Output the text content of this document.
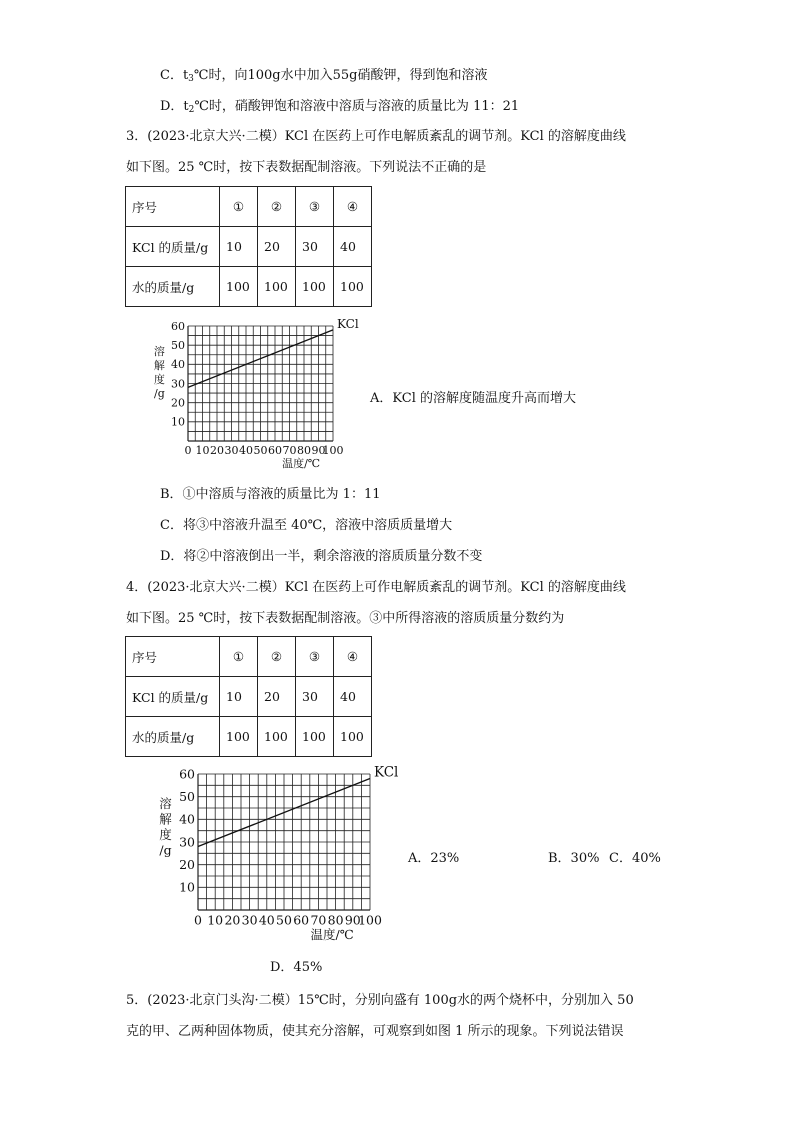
C．$t_3℃$时，向100g水中加入55g硝酸钾，得到饱和溶液
D．$t_2℃$时，硝酸钾饱和溶液中溶质与溶液的质量比为 11：21
3．(2023·北京大兴·二模）KCl 在医药上可作电解质紊乱的调节剂。KCl 的溶解度曲线
如下图。25 ℃时，按下表数据配制溶液。下列说法不正确的是
序号	①	②	③	④
KCl 的质量/g	10	20	30	40
水的质量/g	100	100	100	100
10
20
30
40
50
60
0 10 20 30 40 50 60 70 80 90
100
温度/℃
溶
解
度
/g
KCl
A．KCl 的溶解度随温度升高而增大
B．①中溶质与溶液的质量比为 1：11
C．将③中溶液升温至 40℃，溶液中溶质质量增大
D．将②中溶液倒出一半，剩余溶液的溶质质量分数不变
4．(2023·北京大兴·二模）KCl 在医药上可作电解质紊乱的调节剂。KCl 的溶解度曲线
如下图。25 ℃时，按下表数据配制溶液。③中所得溶液的溶质质量分数约为
序号	①	②	③	④
KCl 的质量/g	10	20	30	40
水的质量/g	100	100	100	100
10
20
30
40
50
60
0 10 20 30 40 50 60 70 80 90
100
温度/℃
溶
解
度
/g
KCl
A．23%	B．30% C．40%
D．45%
5．(2023·北京门头沟·二模）15℃时，分别向盛有 100g水的两个烧杯中，分别加入 50
克的甲、乙两种固体物质，使其充分溶解，可观察到如图 1 所示的现象。下列说法错误
